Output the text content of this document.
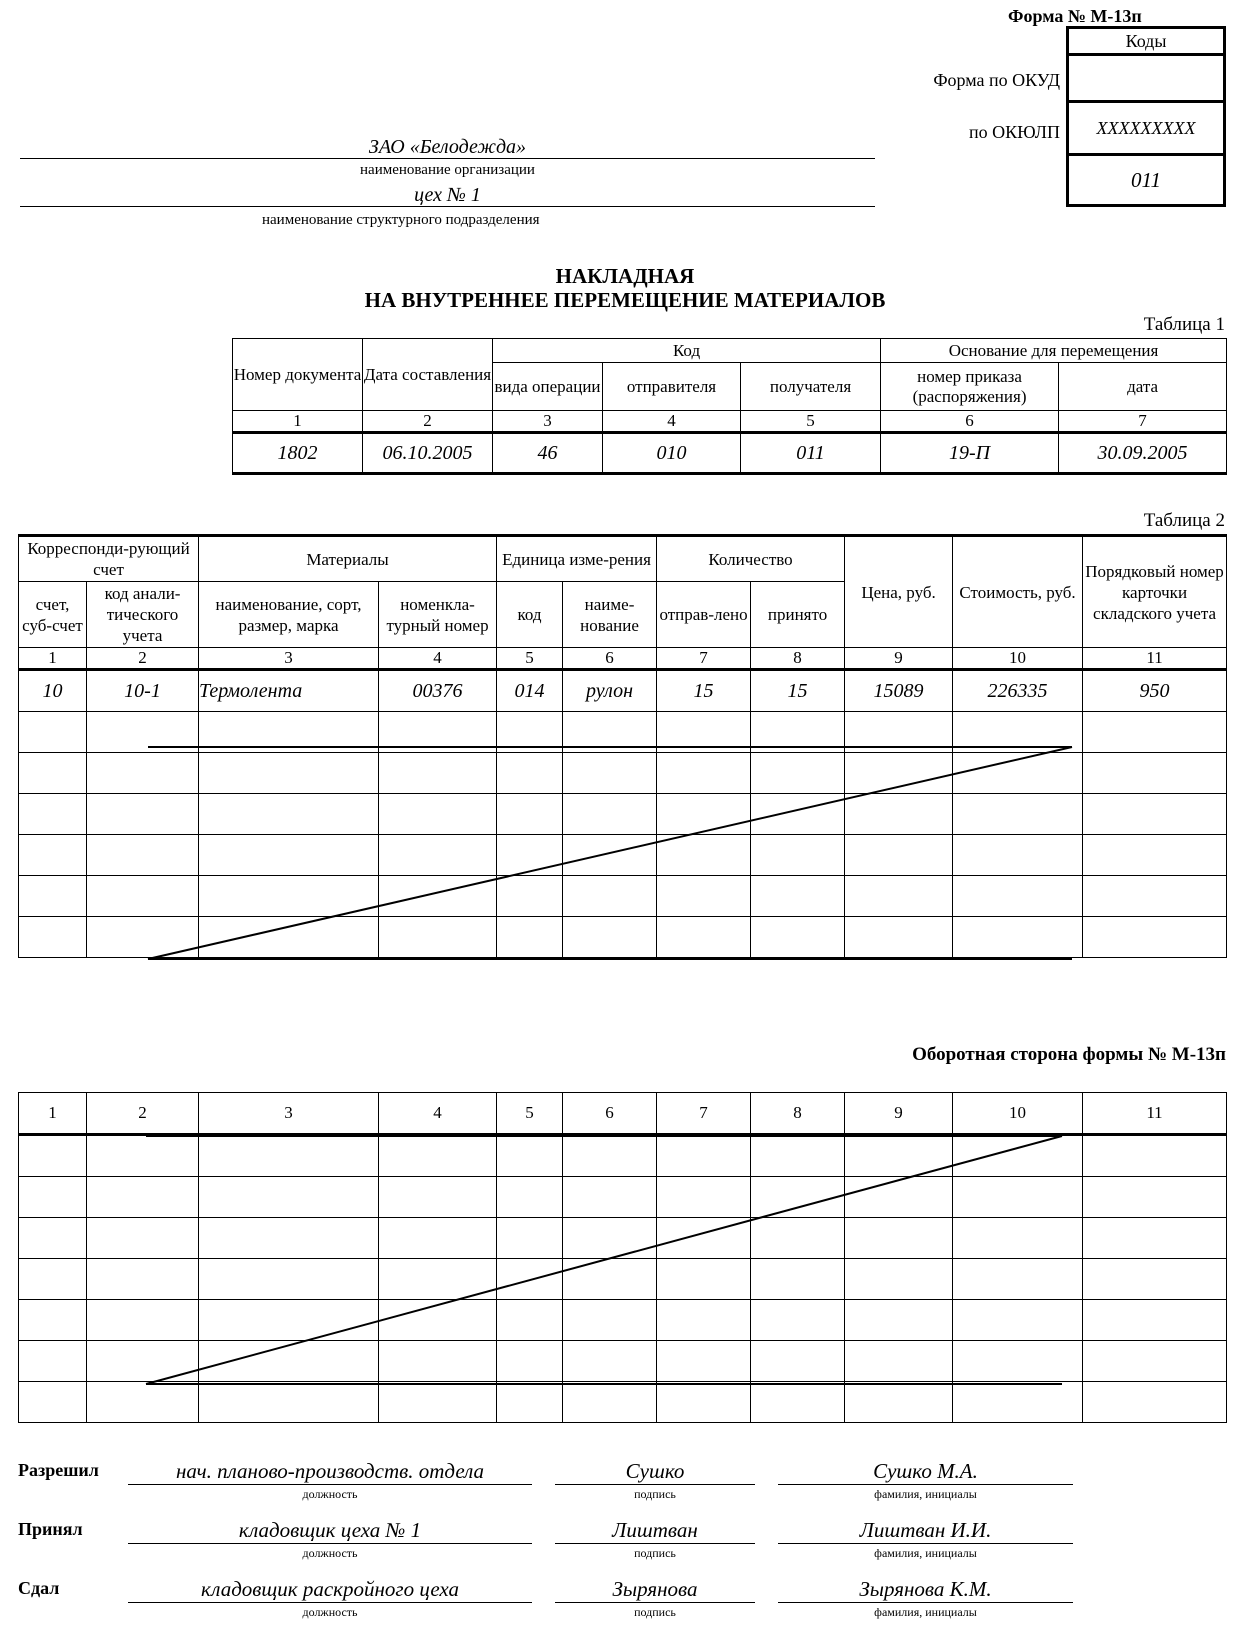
Форма № М-13п
Коды

XXXXXXXXX
011
Форма по ОКУД
по ОКЮЛП
ЗАО «Белодежда»
наименование организации
цех № 1
наименование структурного подразделения
НАКЛАДНАЯ
НА ВНУТРЕННЕЕ ПЕРЕМЕЩЕНИЕ МАТЕРИАЛОВ
Таблица 1
Номер документа	Дата составления	Код			Основание для перемещения	
		вида операции	отправителя	получателя	номер приказа (распоряжения)	дата
1	2	3	4	5	6	7
1802	06.10.2005	46	010	011	19-П	30.09.2005
Таблица 2
Корреспонди-рующий счет		Материалы		Единица изме-рения		Количество		Цена, руб.	Стоимость, руб.	Порядковый номер карточки складского учета
счет, суб-счет	код анали-тического учета	наименование, сорт, размер, марка	номенкла-турный номер	код	наиме-нование	отправ-лено	принято			
1	2	3	4	5	6	7	8	9	10	11
10	10-1	Термолента	00376	014	рулон	15	15	15089	226335	950

Оборотная сторона формы № М-13п
1	2	3	4	5	6	7	8	9	10	11

Разрешил	нач. планово-производств. отдела
должность
Сушко
подпись
Сушко М.А.
фамилия, инициалы
Принял	кладовщик цеха № 1
должность
Лиштван
подпись
Лиштван И.И.
фамилия, инициалы
Сдал	кладовщик раскройного цеха
должность
Зырянова
подпись
Зырянова К.М.
фамилия, инициалы
